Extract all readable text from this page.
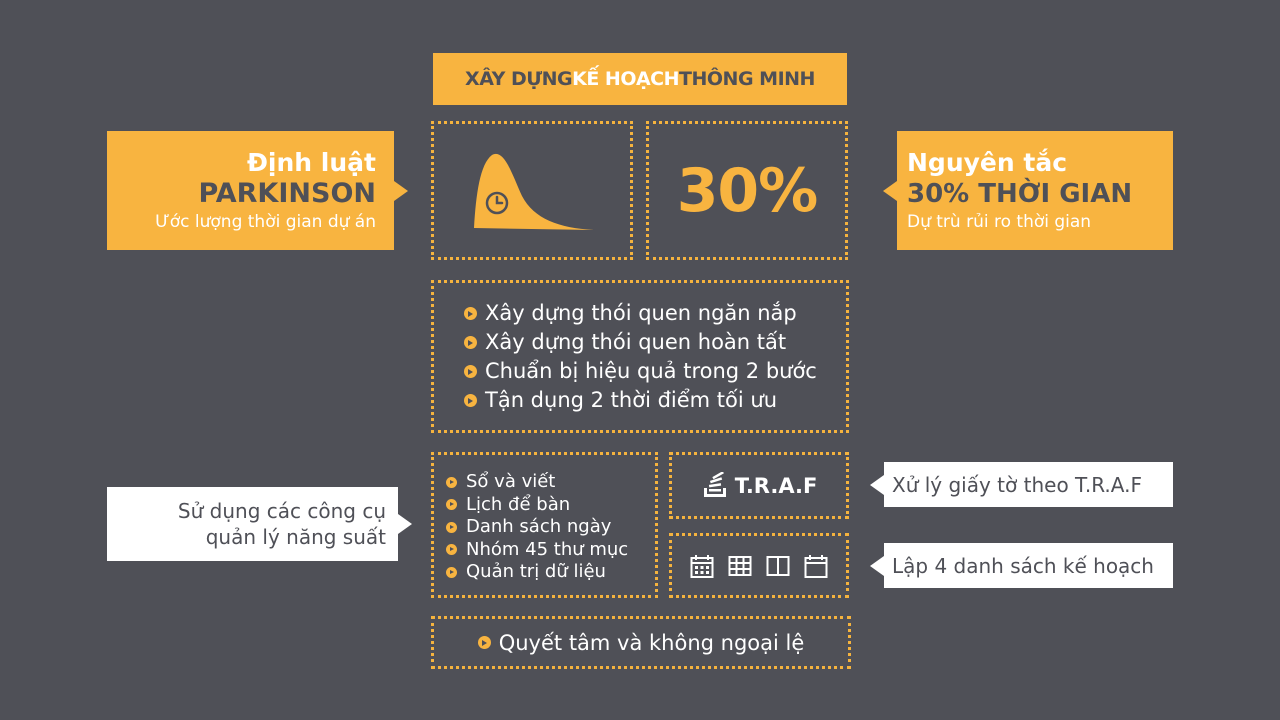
XÂY DỰNG KẾ HOẠCH THÔNG MINH
Định luật
PARKINSON
Ước lượng thời gian dự án	30%	Nguyên tắc
30% THỜI GIAN
Dự trù rủi ro thời gian
Xây dựng thói quen ngăn nắp
Xây dựng thói quen hoàn tất
Chuẩn bị hiệu quả trong 2 bước
Tận dụng 2 thời điểm tối ưu
Sử dụng các công cụ
quản lý năng suất
Sổ và viết
Lịch để bàn
Danh sách ngày
Nhóm 45 thư mục
Quản trị dữ liệu
T.R.A.F	Xử lý giấy tờ theo T.R.A.F
Lập 4 danh sách kế hoạch
Quyết tâm và không ngoại lệ
